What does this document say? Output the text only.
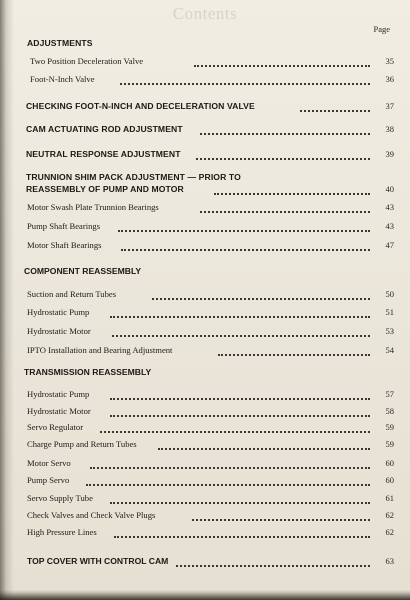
Contents
Page
ADJUSTMENTS
Two Position Deceleration Valve	35
Foot-N-Inch Valve	36
CHECKING FOOT-N-INCH AND DECELERATION VALVE	37
CAM ACTUATING ROD ADJUSTMENT	38
NEUTRAL RESPONSE ADJUSTMENT	39
TRUNNION SHIM PACK ADJUSTMENT — PRIOR TO
REASSEMBLY OF PUMP AND MOTOR	40
Motor Swash Plate Trunnion Bearings	43
Pump Shaft Bearings	43
Motor Shaft Bearings	47
COMPONENT REASSEMBLY
Suction and Return Tubes	50
Hydrostatic Pump	51
Hydrostatic Motor	53
IPTO Installation and Bearing Adjustment	54
TRANSMISSION REASSEMBLY
Hydrostatic Pump	57
Hydrostatic Motor	58
Servo Regulator	59
Charge Pump and Return Tubes	59
Motor Servo	60
Pump Servo	60
Servo Supply Tube	61
Check Valves and Check Valve Plugs	62
High Pressure Lines	62
TOP COVER WITH CONTROL CAM	63
